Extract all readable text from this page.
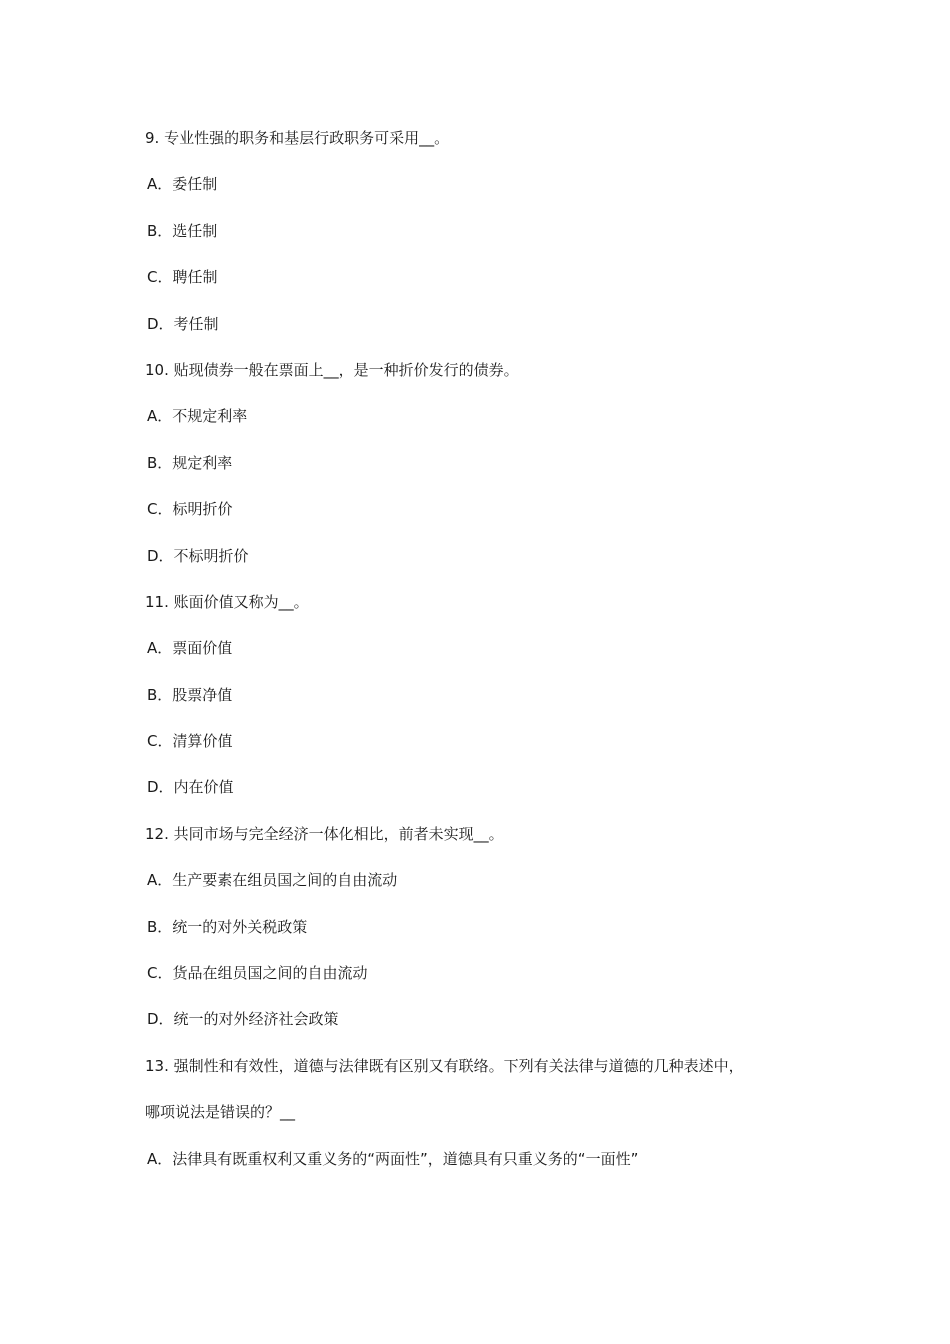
9. 专业性强的职务和基层行政职务可采用__。
A．委任制
B．选任制
C．聘任制
D．考任制
10. 贴现债券一般在票面上__，是一种折价发行的债券。
A．不规定利率
B．规定利率
C．标明折价
D．不标明折价
11. 账面价值又称为__。
A．票面价值
B．股票净值
C．清算价值
D．内在价值
12. 共同市场与完全经济一体化相比，前者未实现__。
A．生产要素在组员国之间的自由流动
B．统一的对外关税政策
C．货品在组员国之间的自由流动
D．统一的对外经济社会政策
13. 强制性和有效性，道德与法律既有区别又有联络。下列有关法律与道德的几种表述中，
哪项说法是错误的？__
A．法律具有既重权利又重义务的“两面性”，道德具有只重义务的“一面性”
